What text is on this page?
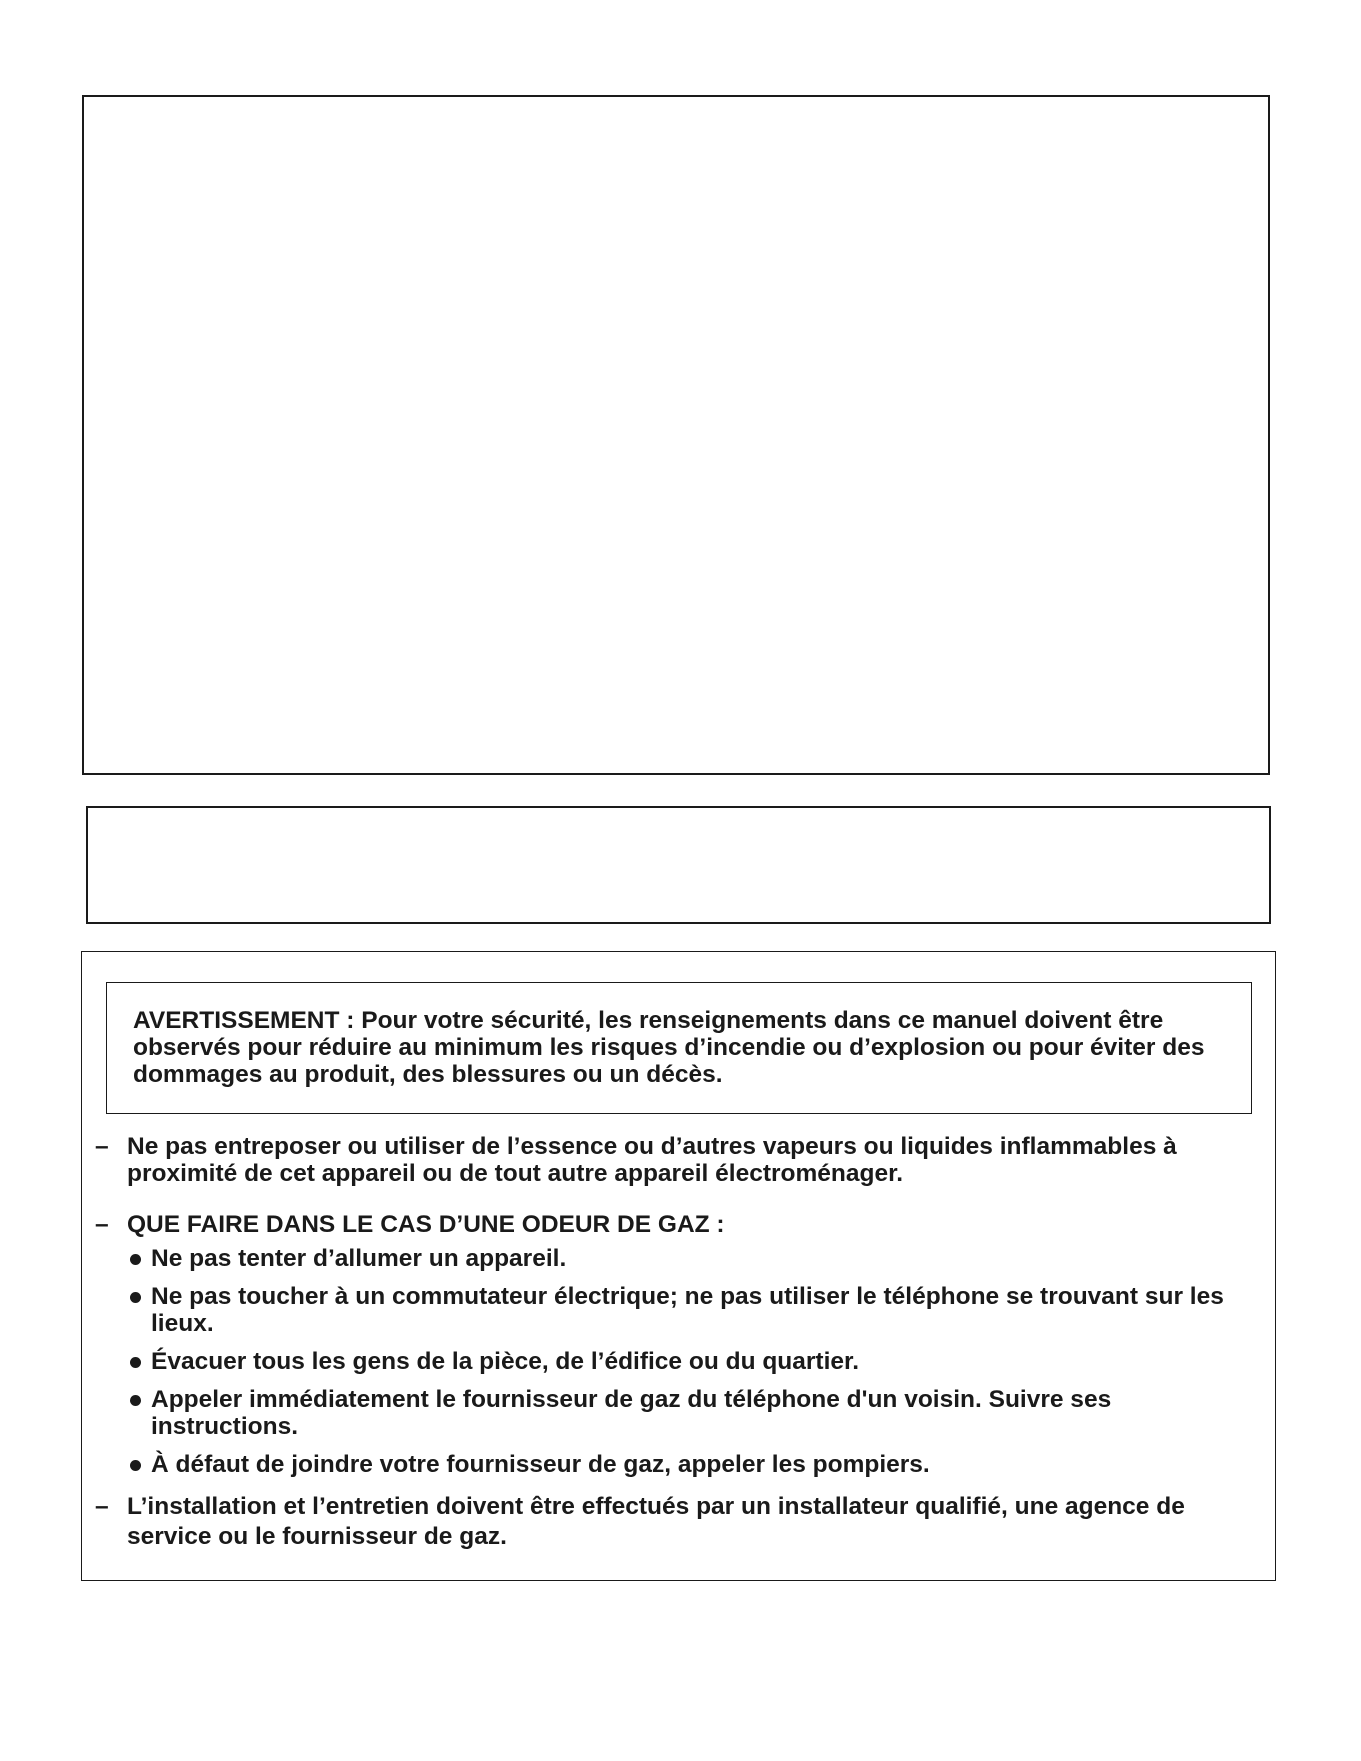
AVERTISSEMENT : Pour votre sécurité, les renseignements dans ce manuel doivent être observés pour réduire au minimum les risques d’incendie ou d’explosion ou pour éviter des dommages au produit, des blessures ou un décès.

– Ne pas entreposer ou utiliser de l’essence ou d’autres vapeurs ou liquides inflammables à proximité de cet appareil ou de tout autre appareil électroménager.

– QUE FAIRE DANS LE CAS D’UNE ODEUR DE GAZ :

Ne pas tenter d’allumer un appareil.
Ne pas toucher à un commutateur électrique; ne pas utiliser le téléphone se trouvant sur les lieux.
Évacuer tous les gens de la pièce, de l’édifice ou du quartier.
Appeler immédiatement le fournisseur de gaz du téléphone d'un voisin. Suivre ses instructions.
À défaut de joindre votre fournisseur de gaz, appeler les pompiers.

– L’installation et l’entretien doivent être effectués par un installateur qualifié, une agence de service ou le fournisseur de gaz.
